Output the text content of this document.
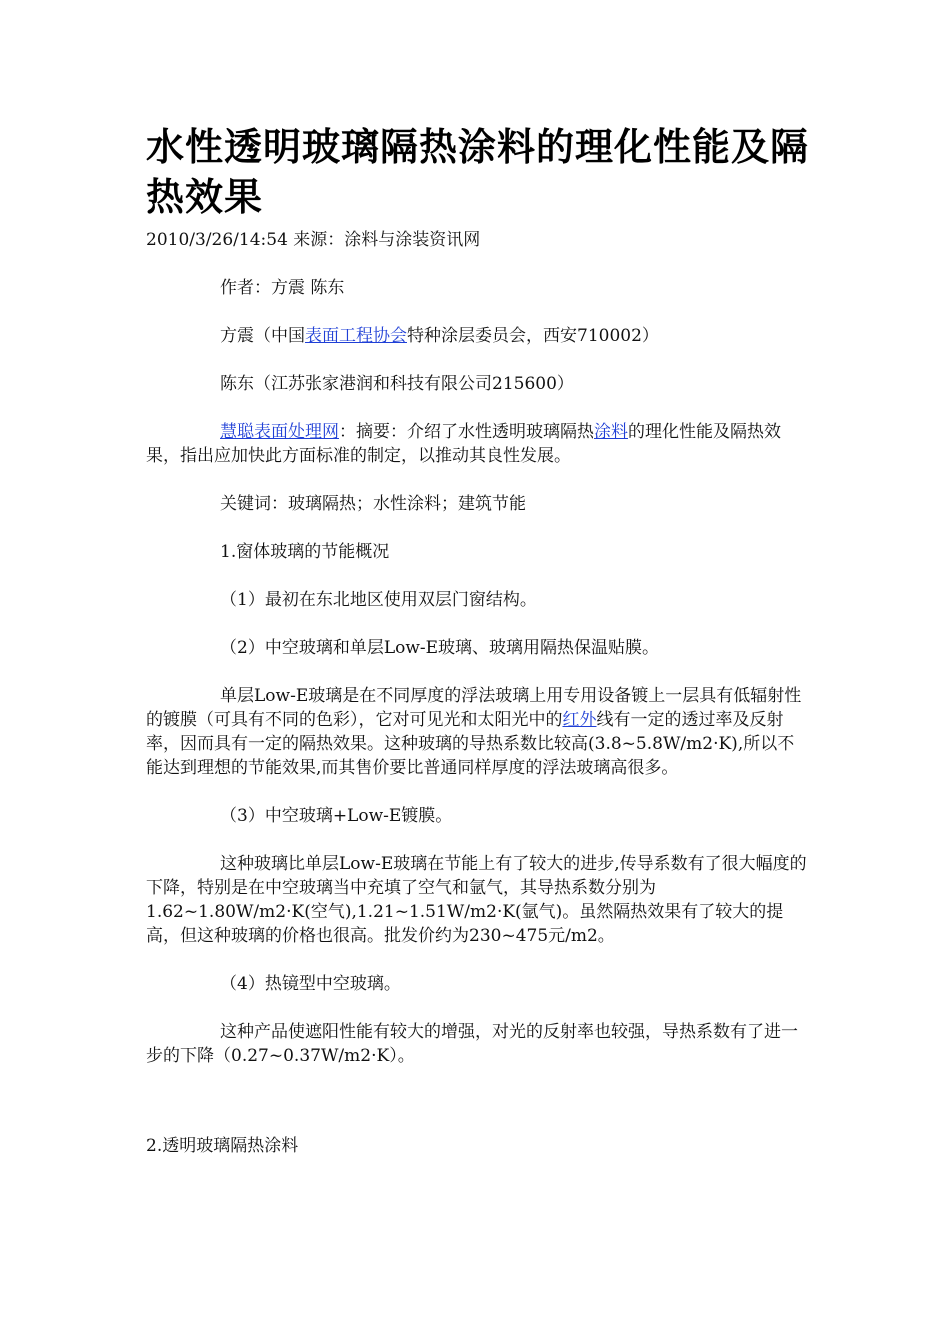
水性透明玻璃隔热涂料的理化性能及隔热效果

2010/3/26/14:54 来源：涂料与涂装资讯网

作者：方震 陈东

方震（中国表面工程协会特种涂层委员会，西安710002）

陈东（江苏张家港润和科技有限公司215600）

慧聪表面处理网：摘要：介绍了水性透明玻璃隔热涂料的理化性能及隔热效果，指出应加快此方面标准的制定，以推动其良性发展。

关键词：玻璃隔热；水性涂料；建筑节能

1.窗体玻璃的节能概况

（1）最初在东北地区使用双层门窗结构。

（2）中空玻璃和单层Low-E玻璃、玻璃用隔热保温贴膜。

单层Low-E玻璃是在不同厚度的浮法玻璃上用专用设备镀上一层具有低辐射性的镀膜（可具有不同的色彩），它对可见光和太阳光中的红外线有一定的透过率及反射率，因而具有一定的隔热效果。这种玻璃的导热系数比较高(3.8~5.8W/m2·K),所以不能达到理想的节能效果,而其售价要比普通同样厚度的浮法玻璃高很多。

（3）中空玻璃+Low-E镀膜。

这种玻璃比单层Low-E玻璃在节能上有了较大的进步,传导系数有了很大幅度的下降，特别是在中空玻璃当中充填了空气和氩气，其导热系数分别为1.62~1.80W/m2·K(空气),1.21~1.51W/m2·K(氩气)。虽然隔热效果有了较大的提高，但这种玻璃的价格也很高。批发价约为230~475元/m2。

（4）热镜型中空玻璃。

这种产品使遮阳性能有较大的增强，对光的反射率也较强，导热系数有了进一步的下降（0.27~0.37W/m2·K）。

2.透明玻璃隔热涂料
